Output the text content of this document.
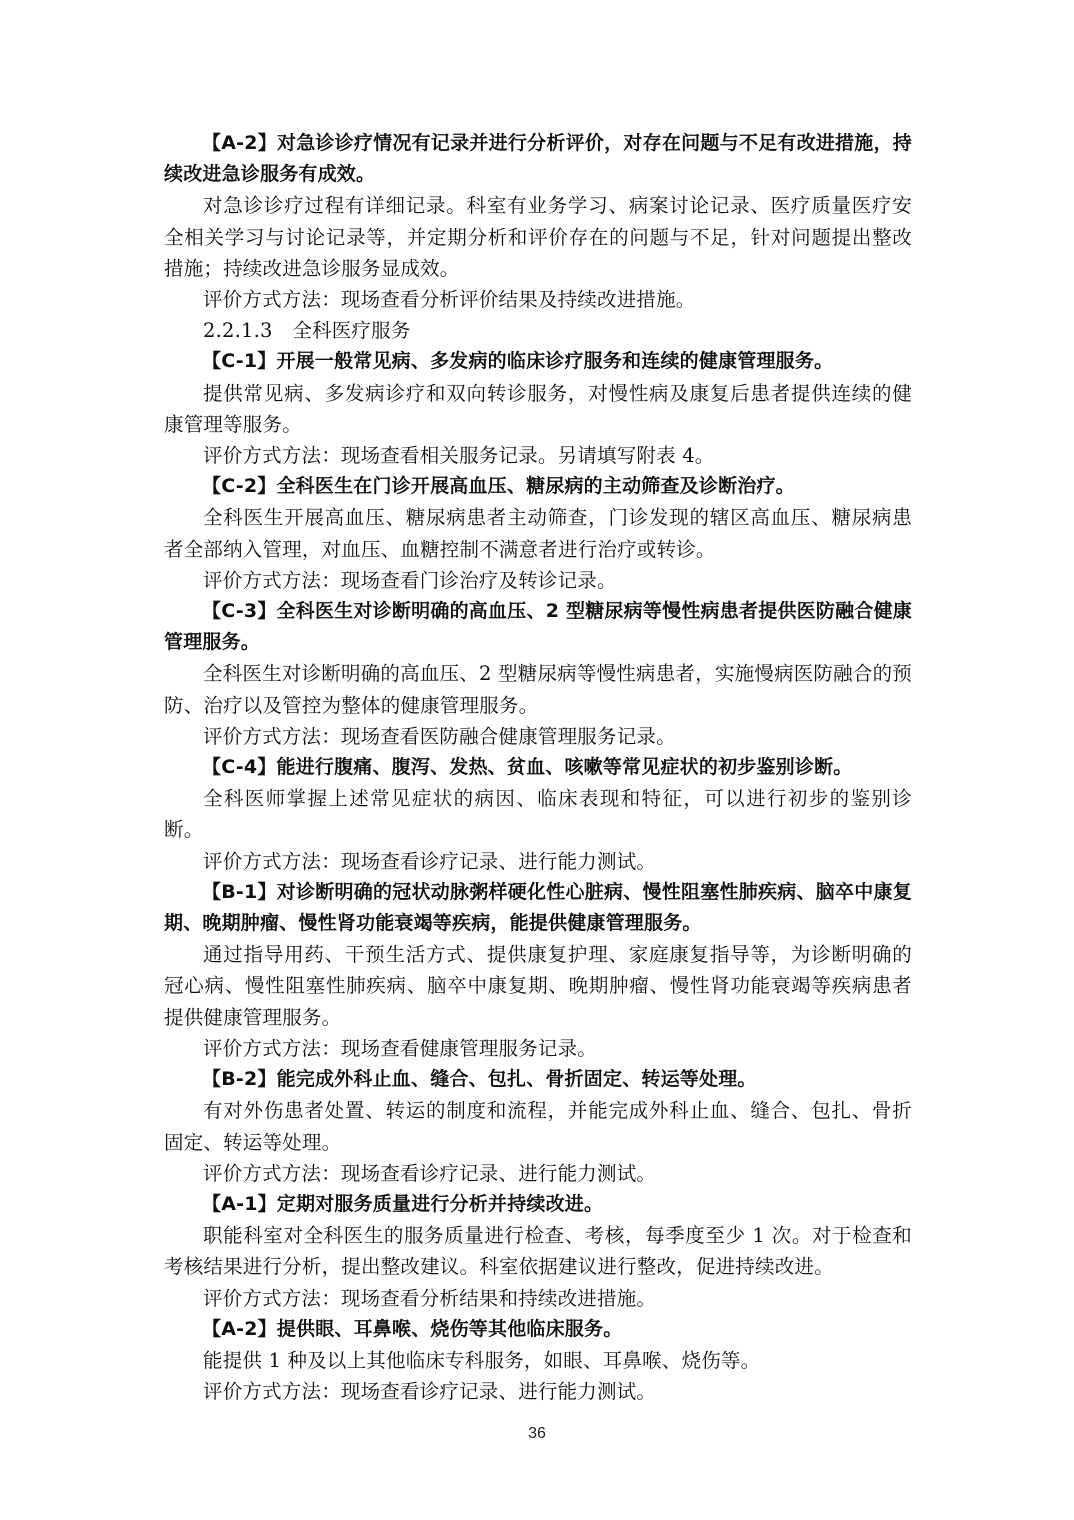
【A-2】对急诊诊疗情况有记录并进行分析评价，对存在问题与不足有改进措施，持续改进急诊服务有成效。

对急诊诊疗过程有详细记录。科室有业务学习、病案讨论记录、医疗质量医疗安全相关学习与讨论记录等，并定期分析和评价存在的问题与不足，针对问题提出整改措施；持续改进急诊服务显成效。

评价方式方法：现场查看分析评价结果及持续改进措施。

2.2.1.3　全科医疗服务

【C-1】开展一般常见病、多发病的临床诊疗服务和连续的健康管理服务。

提供常见病、多发病诊疗和双向转诊服务，对慢性病及康复后患者提供连续的健康管理等服务。

评价方式方法：现场查看相关服务记录。另请填写附表 4。

【C-2】全科医生在门诊开展高血压、糖尿病的主动筛查及诊断治疗。

全科医生开展高血压、糖尿病患者主动筛查，门诊发现的辖区高血压、糖尿病患者全部纳入管理，对血压、血糖控制不满意者进行治疗或转诊。

评价方式方法：现场查看门诊治疗及转诊记录。

【C-3】全科医生对诊断明确的高血压、2 型糖尿病等慢性病患者提供医防融合健康管理服务。

全科医生对诊断明确的高血压、2 型糖尿病等慢性病患者，实施慢病医防融合的预防、治疗以及管控为整体的健康管理服务。

评价方式方法：现场查看医防融合健康管理服务记录。

【C-4】能进行腹痛、腹泻、发热、贫血、咳嗽等常见症状的初步鉴别诊断。

全科医师掌握上述常见症状的病因、临床表现和特征，可以进行初步的鉴别诊断。

评价方式方法：现场查看诊疗记录、进行能力测试。

【B-1】对诊断明确的冠状动脉粥样硬化性心脏病、慢性阻塞性肺疾病、脑卒中康复期、晚期肿瘤、慢性肾功能衰竭等疾病，能提供健康管理服务。

通过指导用药、干预生活方式、提供康复护理、家庭康复指导等，为诊断明确的冠心病、慢性阻塞性肺疾病、脑卒中康复期、晚期肿瘤、慢性肾功能衰竭等疾病患者提供健康管理服务。

评价方式方法：现场查看健康管理服务记录。

【B-2】能完成外科止血、缝合、包扎、骨折固定、转运等处理。

有对外伤患者处置、转运的制度和流程，并能完成外科止血、缝合、包扎、骨折固定、转运等处理。

评价方式方法：现场查看诊疗记录、进行能力测试。

【A-1】定期对服务质量进行分析并持续改进。

职能科室对全科医生的服务质量进行检查、考核，每季度至少 1 次。对于检查和考核结果进行分析，提出整改建议。科室依据建议进行整改，促进持续改进。

评价方式方法：现场查看分析结果和持续改进措施。

【A-2】提供眼、耳鼻喉、烧伤等其他临床服务。

能提供 1 种及以上其他临床专科服务，如眼、耳鼻喉、烧伤等。

评价方式方法：现场查看诊疗记录、进行能力测试。

36
